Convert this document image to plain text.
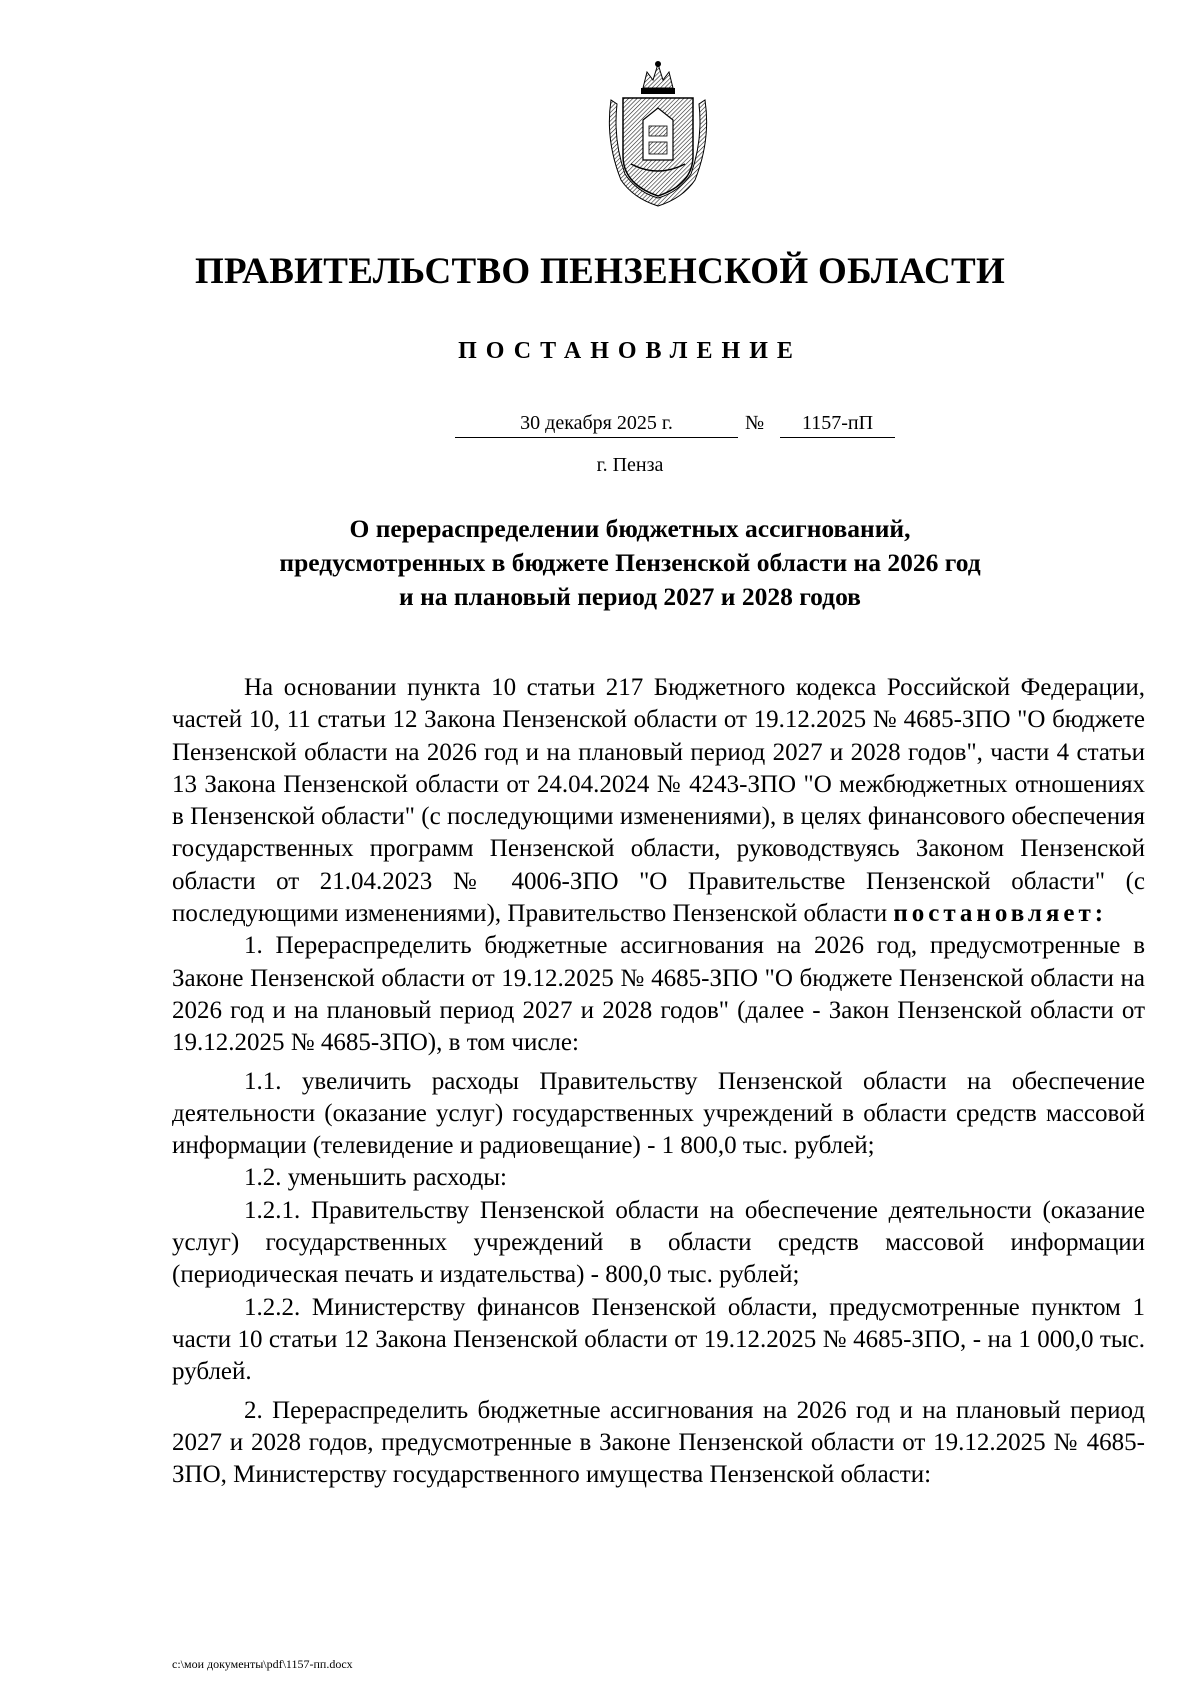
ПРАВИТЕЛЬСТВО ПЕНЗЕНСКОЙ ОБЛАСТИ
ПОСТАНОВЛЕНИЕ
30 декабря 2025 г.	№	1157-пП
г. Пенза
О перераспределении бюджетных ассигнований,
предусмотренных в бюджете Пензенской области на 2026 год
и на плановый период 2027 и 2028 годов

На основании пункта 10 статьи 217 Бюджетного кодекса Российской Федерации, частей 10, 11 статьи 12 Закона Пензенской области от 19.12.2025 № 4685-ЗПО "О бюджете Пензенской области на 2026 год и на плановый период 2027 и 2028 годов", части 4 статьи 13 Закона Пензенской области от 24.04.2024 № 4243-ЗПО "О межбюджетных отношениях в Пензенской области" (с последующими изменениями), в целях финансового обеспечения государственных программ Пензенской области, руководствуясь Законом Пензенской области от 21.04.2023 № 4006-ЗПО "О Правительстве Пензенской области" (с последующими изменениями), Правительство Пензенской области постановляет:

1. Перераспределить бюджетные ассигнования на 2026 год, предусмотренные в Законе Пензенской области от 19.12.2025 № 4685-ЗПО "О бюджете Пензенской области на 2026 год и на плановый период 2027 и 2028 годов" (далее - Закон Пензенской области от 19.12.2025 № 4685-ЗПО), в том числе:

1.1. увеличить расходы Правительству Пензенской области на обеспечение деятельности (оказание услуг) государственных учреждений в области средств массовой информации (телевидение и радиовещание) - 1 800,0 тыс. рублей;

1.2. уменьшить расходы:

1.2.1. Правительству Пензенской области на обеспечение деятельности (оказание услуг) государственных учреждений в области средств массовой информации (периодическая печать и издательства) - 800,0 тыс. рублей;

1.2.2. Министерству финансов Пензенской области, предусмотренные пунктом 1 части 10 статьи 12 Закона Пензенской области от 19.12.2025 № 4685-ЗПО, - на 1 000,0 тыс. рублей.

2. Перераспределить бюджетные ассигнования на 2026 год и на плановый период 2027 и 2028 годов, предусмотренные в Законе Пензенской области от 19.12.2025 № 4685-ЗПО, Министерству государственного имущества Пензенской области:

c:\мои документы\pdf\1157-пп.docx
